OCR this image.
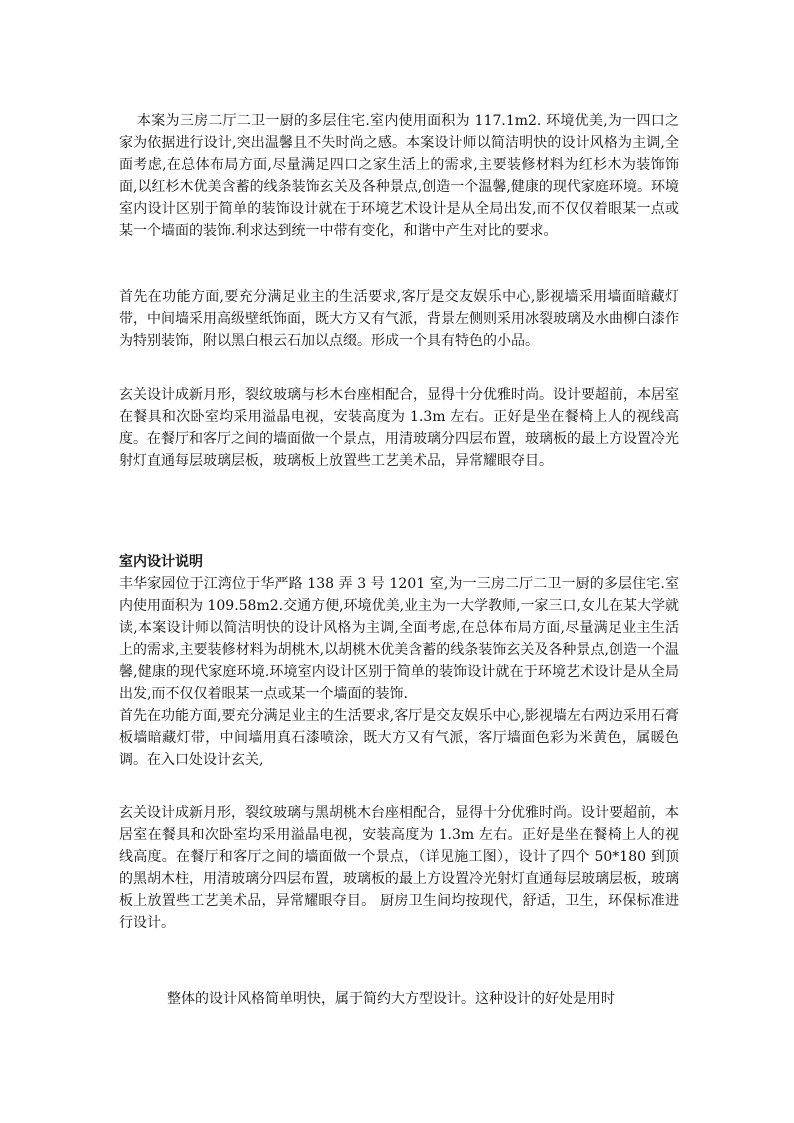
本案为三房二厅二卫一厨的多层住宅.室内使用面积为 117.1m2. 环境优美,为一四口之家为依据进行设计,突出温馨且不失时尚之感。本案设计师以简洁明快的设计风格为主调,全面考虑,在总体布局方面,尽量满足四口之家生活上的需求,主要装修材料为红杉木为装饰饰面,以红杉木优美含蓄的线条装饰玄关及各种景点,创造一个温馨,健康的现代家庭环境。环境室内设计区别于简单的装饰设计就在于环境艺术设计是从全局出发,而不仅仅着眼某一点或某一个墙面的装饰.利求达到统一中带有变化，和谐中产生对比的要求。

首先在功能方面,要充分满足业主的生活要求,客厅是交友娱乐中心,影视墙采用墙面暗藏灯带，中间墙采用高级壁纸饰面，既大方又有气派，背景左侧则采用冰裂玻璃及水曲柳白漆作为特别装饰，附以黑白根云石加以点缀。形成一个具有特色的小品。

玄关设计成新月形，裂纹玻璃与杉木台座相配合，显得十分优雅时尚。设计要超前，本居室在餐具和次卧室均采用溢晶电视，安装高度为 1.3m 左右。正好是坐在餐椅上人的视线高度。在餐厅和客厅之间的墙面做一个景点，用清玻璃分四层布置，玻璃板的最上方设置冷光射灯直通每层玻璃层板，玻璃板上放置些工艺美术品，异常耀眼夺目。

室内设计说明

丰华家园位于江湾位于华严路 138 弄 3 号 1201 室,为一三房二厅二卫一厨的多层住宅.室内使用面积为 109.58m2.交通方便,环境优美,业主为一大学教师,一家三口,女儿在某大学就读,本案设计师以简洁明快的设计风格为主调,全面考虑,在总体布局方面,尽量满足业主生活上的需求,主要装修材料为胡桃木,以胡桃木优美含蓄的线条装饰玄关及各种景点,创造一个温馨,健康的现代家庭环境.环境室内设计区别于简单的装饰设计就在于环境艺术设计是从全局出发,而不仅仅着眼某一点或某一个墙面的装饰.

首先在功能方面,要充分满足业主的生活要求,客厅是交友娱乐中心,影视墙左右两边采用石膏板墙暗藏灯带，中间墙用真石漆喷涂，既大方又有气派，客厅墙面色彩为米黄色，属暖色调。在入口处设计玄关,

玄关设计成新月形，裂纹玻璃与黑胡桃木台座相配合，显得十分优雅时尚。设计要超前，本居室在餐具和次卧室均采用溢晶电视，安装高度为 1.3m 左右。正好是坐在餐椅上人的视线高度。在餐厅和客厅之间的墙面做一个景点，（详见施工图），设计了四个 50*180 到顶的黑胡木柱，用清玻璃分四层布置，玻璃板的最上方设置冷光射灯直通每层玻璃层板，玻璃板上放置些工艺美术品，异常耀眼夺目。 厨房卫生间均按现代，舒适，卫生，环保标准进行设计。

整体的设计风格简单明快，属于简约大方型设计。这种设计的好处是用时
